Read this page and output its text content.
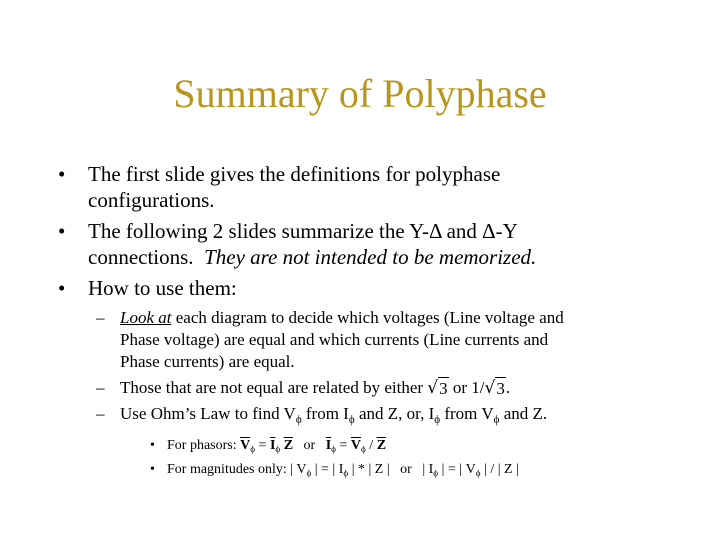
Summary of Polyphase
• The first slide gives the definitions for polyphase
configurations.
• The following 2 slides summarize the Y-Δ and Δ-Y
connections. They are not intended to be memorized.
• How to use them:
– Look at each diagram to decide which voltages (Line voltage and
Phase voltage) are equal and which currents (Line currents and
Phase currents) are equal.
– Those that are not equal are related by either √ 3 or 1/ √ 3 .
– Use Ohm’s Law to find $V_\phi$ from $I_\phi$ and Z, or, $I_\phi$ from $V_\phi$ and Z.
• For phasors: $\overline{V}_\phi = \overline{I}_\phi$ $\overline{Z}$ or $\overline{I}_\phi = \overline{V}_\phi / \overline{Z}$
• For magnitudes only: | $V_\phi$ | = | $I_\phi$ | * | Z |   or   | $I_\phi$ | = | $V_\phi$ | / | Z |
